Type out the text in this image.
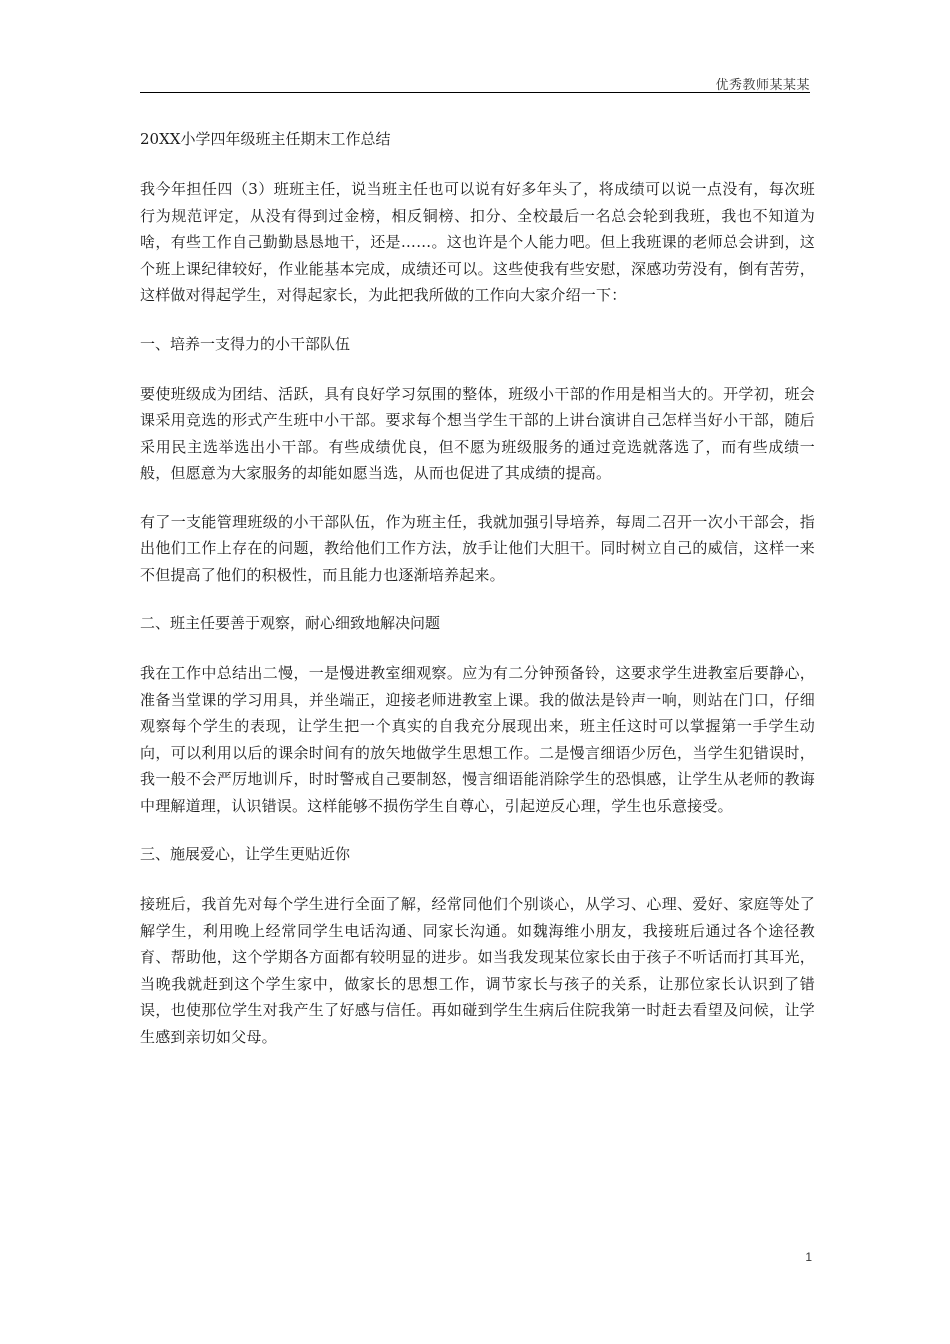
优秀教师某某某

20XX小学四年级班主任期末工作总结

我今年担任四（3）班班主任，说当班主任也可以说有好多年头了，将成绩可以说一点没有，每次班行为规范评定，从没有得到过金榜，相反铜榜、扣分、全校最后一名总会轮到我班，我也不知道为啥，有些工作自己勤勤恳恳地干，还是……。这也许是个人能力吧。但上我班课的老师总会讲到，这个班上课纪律较好，作业能基本完成，成绩还可以。这些使我有些安慰，深感功劳没有，倒有苦劳，这样做对得起学生，对得起家长，为此把我所做的工作向大家介绍一下：

一、培养一支得力的小干部队伍

要使班级成为团结、活跃，具有良好学习氛围的整体，班级小干部的作用是相当大的。开学初，班会课采用竞选的形式产生班中小干部。要求每个想当学生干部的上讲台演讲自己怎样当好小干部，随后采用民主选举选出小干部。有些成绩优良，但不愿为班级服务的通过竞选就落选了，而有些成绩一般，但愿意为大家服务的却能如愿当选，从而也促进了其成绩的提高。

有了一支能管理班级的小干部队伍，作为班主任，我就加强引导培养，每周二召开一次小干部会，指出他们工作上存在的问题，教给他们工作方法，放手让他们大胆干。同时树立自己的威信，这样一来不但提高了他们的积极性，而且能力也逐渐培养起来。

二、班主任要善于观察，耐心细致地解决问题

我在工作中总结出二慢，一是慢进教室细观察。应为有二分钟预备铃，这要求学生进教室后要静心，准备当堂课的学习用具，并坐端正，迎接老师进教室上课。我的做法是铃声一响，则站在门口，仔细观察每个学生的表现，让学生把一个真实的自我充分展现出来，班主任这时可以掌握第一手学生动向，可以利用以后的课余时间有的放矢地做学生思想工作。二是慢言细语少厉色，当学生犯错误时，我一般不会严厉地训斥，时时警戒自己要制怒，慢言细语能消除学生的恐惧感，让学生从老师的教诲中理解道理，认识错误。这样能够不损伤学生自尊心，引起逆反心理，学生也乐意接受。

三、施展爱心，让学生更贴近你

接班后，我首先对每个学生进行全面了解，经常同他们个别谈心，从学习、心理、爱好、家庭等处了解学生，利用晚上经常同学生电话沟通、同家长沟通。如魏海维小朋友，我接班后通过各个途径教育、帮助他，这个学期各方面都有较明显的进步。如当我发现某位家长由于孩子不听话而打其耳光，当晚我就赶到这个学生家中，做家长的思想工作，调节家长与孩子的关系，让那位家长认识到了错误，也使那位学生对我产生了好感与信任。再如碰到学生生病后住院我第一时赶去看望及问候，让学生感到亲切如父母。

1
